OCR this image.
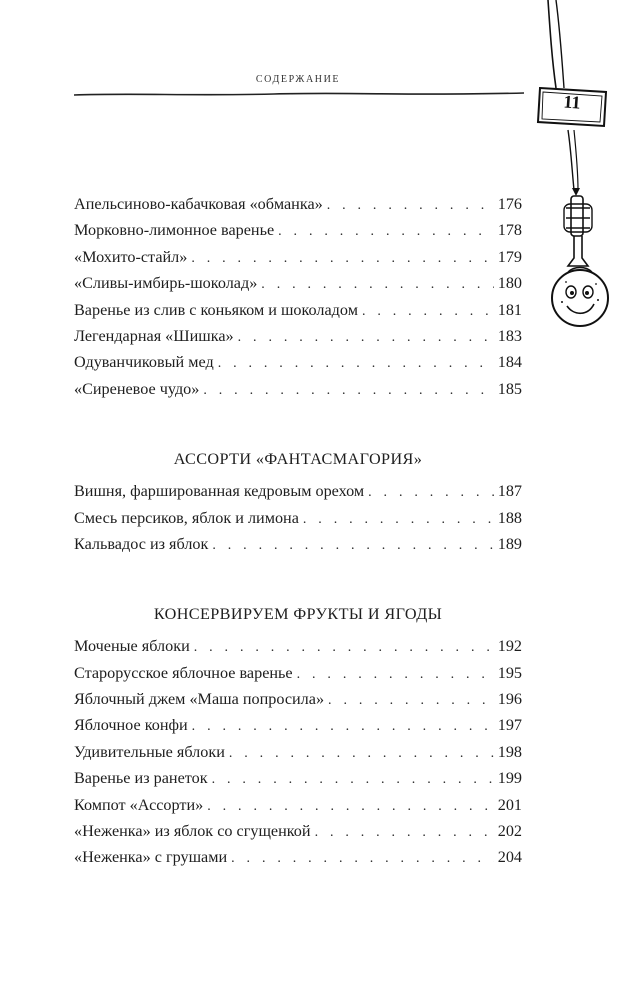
СОДЕРЖАНИЕ
11
Апельсиново-кабачковая «обманка» . . .	176
Морковно-лимонное варенье . . .	178
«Мохито-стайл» . . .	179
«Сливы-имбирь-шоколад» . . .	180
Варенье из слив с коньяком и шоколадом . . .	181
Легендарная «Шишка» . . .	183
Одуванчиковый мед . . .	184
«Сиреневое чудо» . . .	185
АССОРТИ «ФАНТАСМАГОРИЯ»
Вишня, фаршированная кедровым орехом . . .	187
Смесь персиков, яблок и лимона . . .	188
Кальвадос из яблок . . .	189
КОНСЕРВИРУЕМ ФРУКТЫ И ЯГОДЫ
Моченые яблоки . . .	192
Старорусское яблочное варенье . . .	195
Яблочный джем «Маша попросила» . . .	196
Яблочное конфи . . .	197
Удивительные яблоки . . .	198
Варенье из ранеток . . .	199
Компот «Ассорти» . . .	201
«Неженка» из яблок со сгущенкой . . .	202
«Неженка» с грушами . . .	204
